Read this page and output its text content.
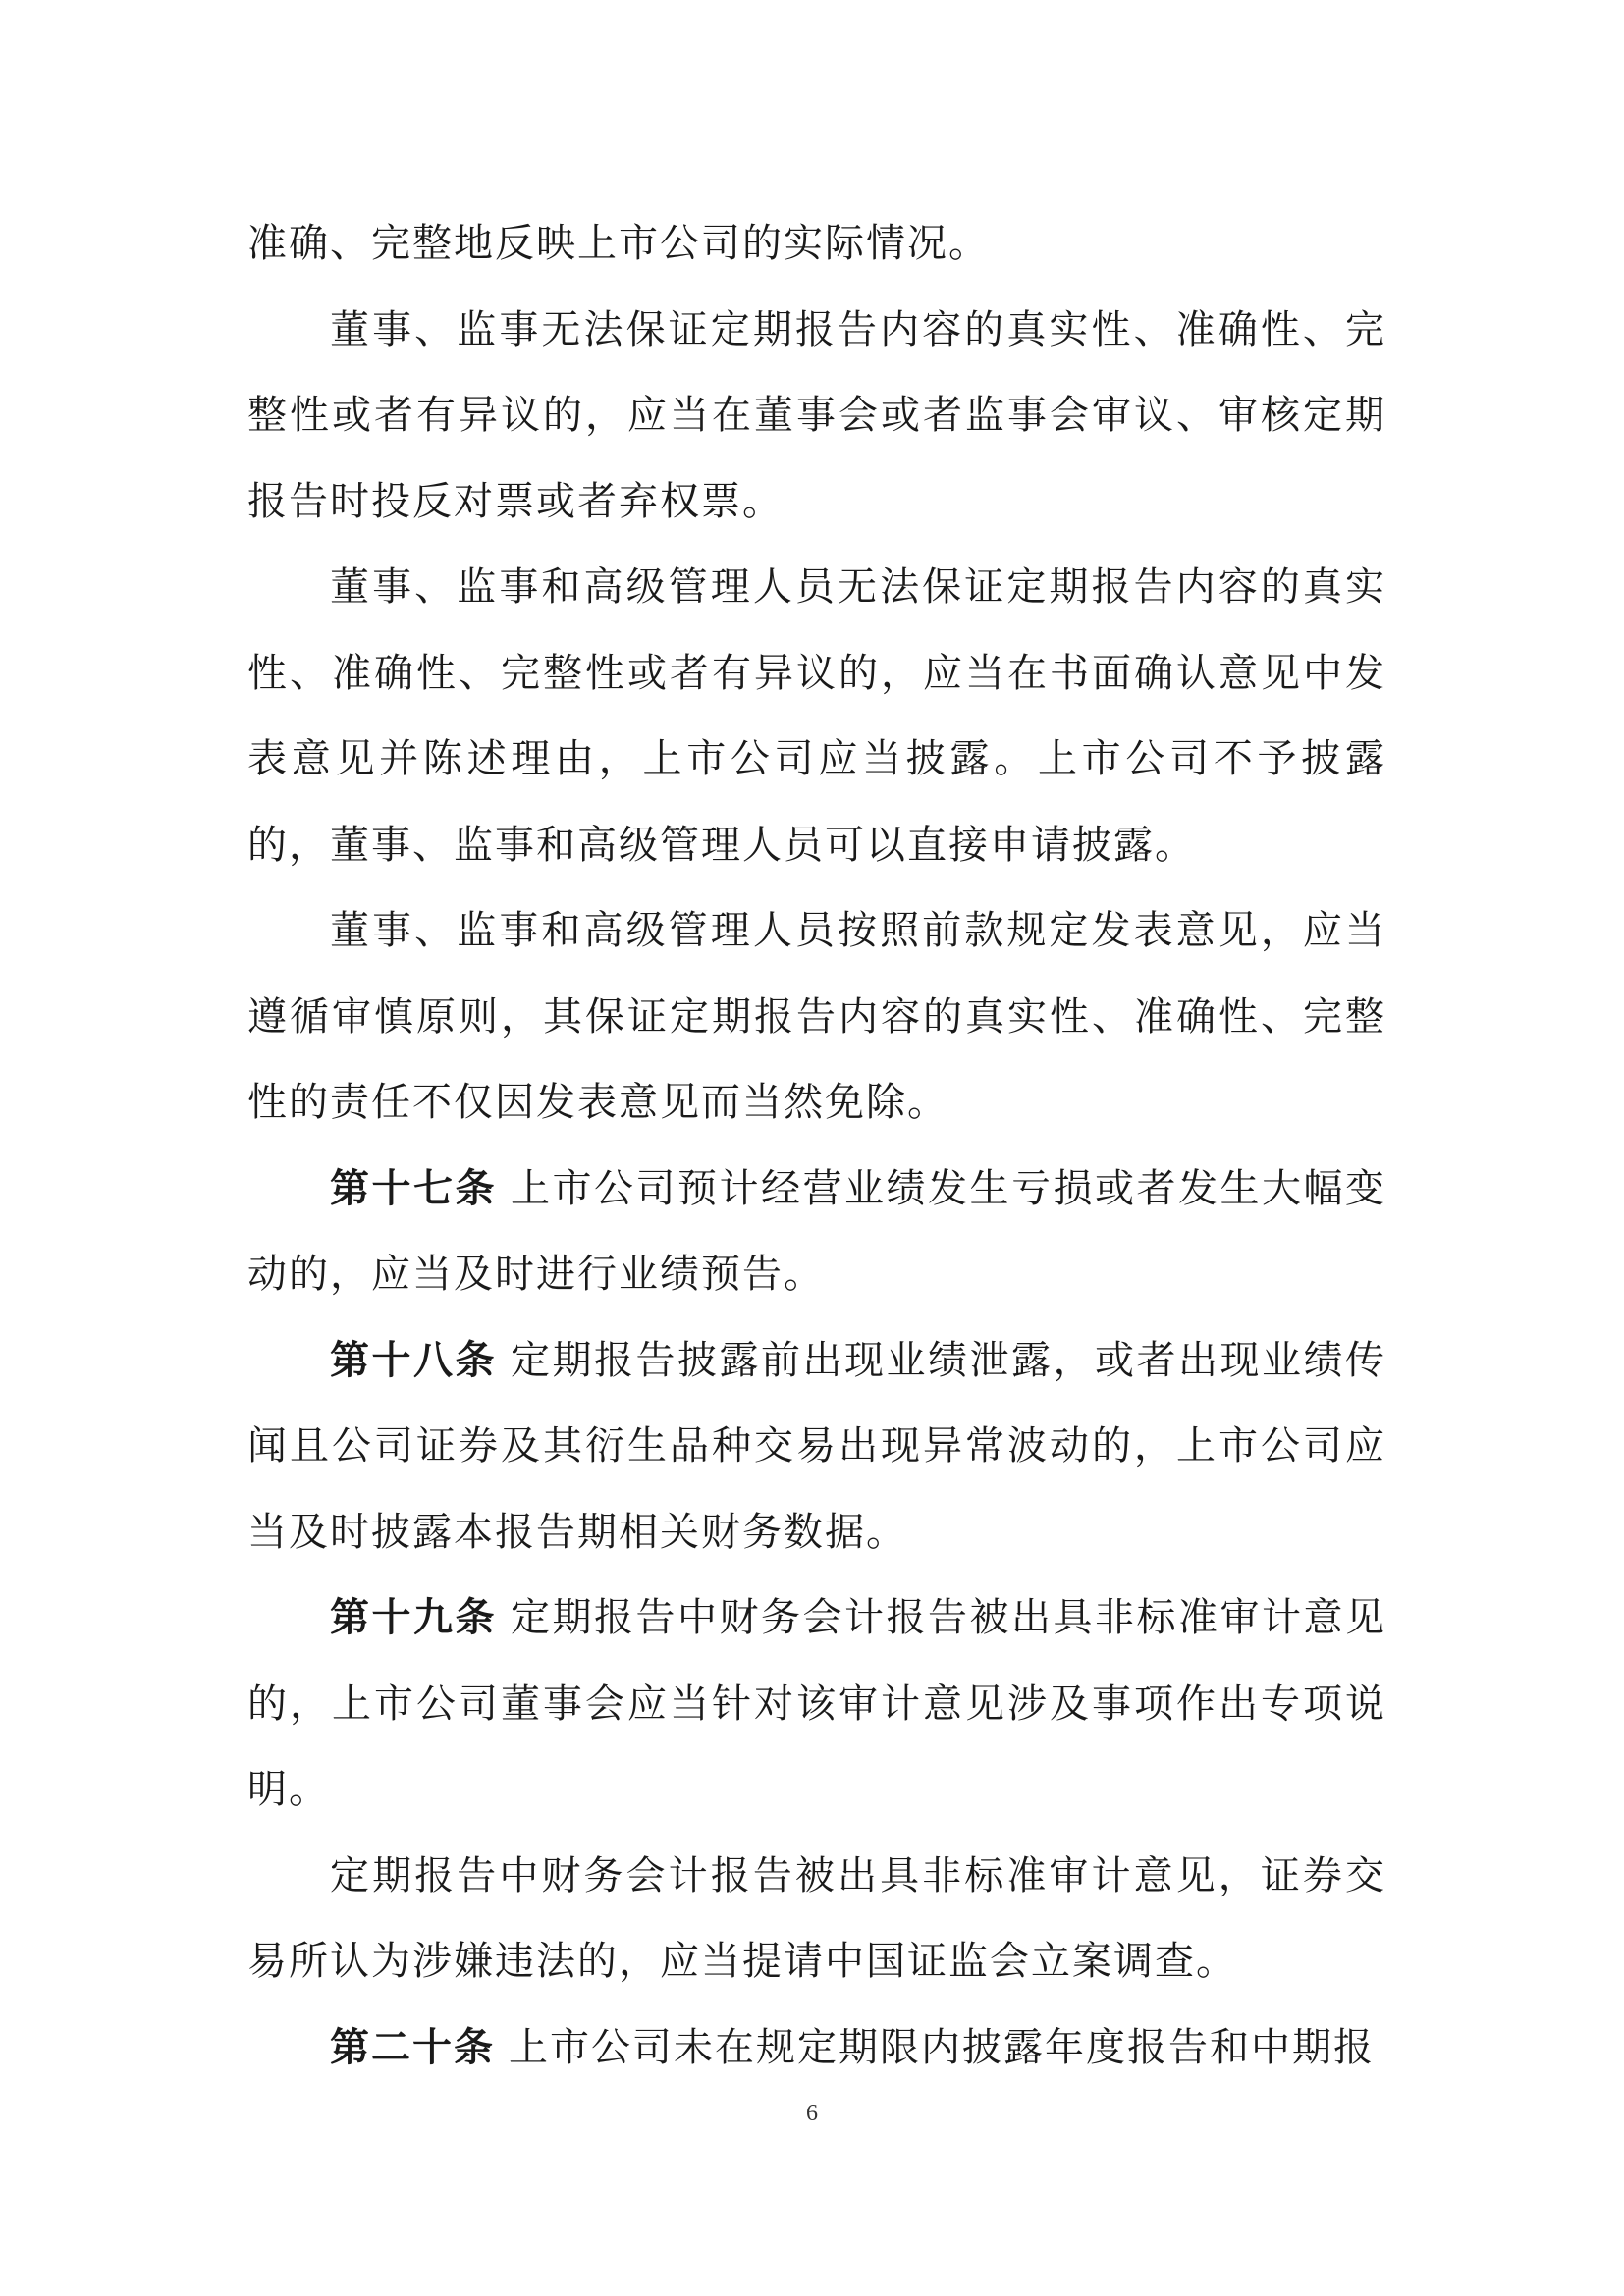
准确、完整地反映上市公司的实际情况。

董事、监事无法保证定期报告内容的真实性、准确性、完整性或者有异议的，应当在董事会或者监事会审议、审核定期报告时投反对票或者弃权票。

董事、监事和高级管理人员无法保证定期报告内容的真实性、准确性、完整性或者有异议的，应当在书面确认意见中发表意见并陈述理由，上市公司应当披露。上市公司不予披露的，董事、监事和高级管理人员可以直接申请披露。

董事、监事和高级管理人员按照前款规定发表意见，应当遵循审慎原则，其保证定期报告内容的真实性、准确性、完整性的责任不仅因发表意见而当然免除。

第十七条 上市公司预计经营业绩发生亏损或者发生大幅变动的，应当及时进行业绩预告。

第十八条 定期报告披露前出现业绩泄露，或者出现业绩传闻且公司证券及其衍生品种交易出现异常波动的，上市公司应当及时披露本报告期相关财务数据。

第十九条 定期报告中财务会计报告被出具非标准审计意见的，上市公司董事会应当针对该审计意见涉及事项作出专项说明。

定期报告中财务会计报告被出具非标准审计意见，证券交易所认为涉嫌违法的，应当提请中国证监会立案调查。

第二十条 上市公司未在规定期限内披露年度报告和中期报

6
